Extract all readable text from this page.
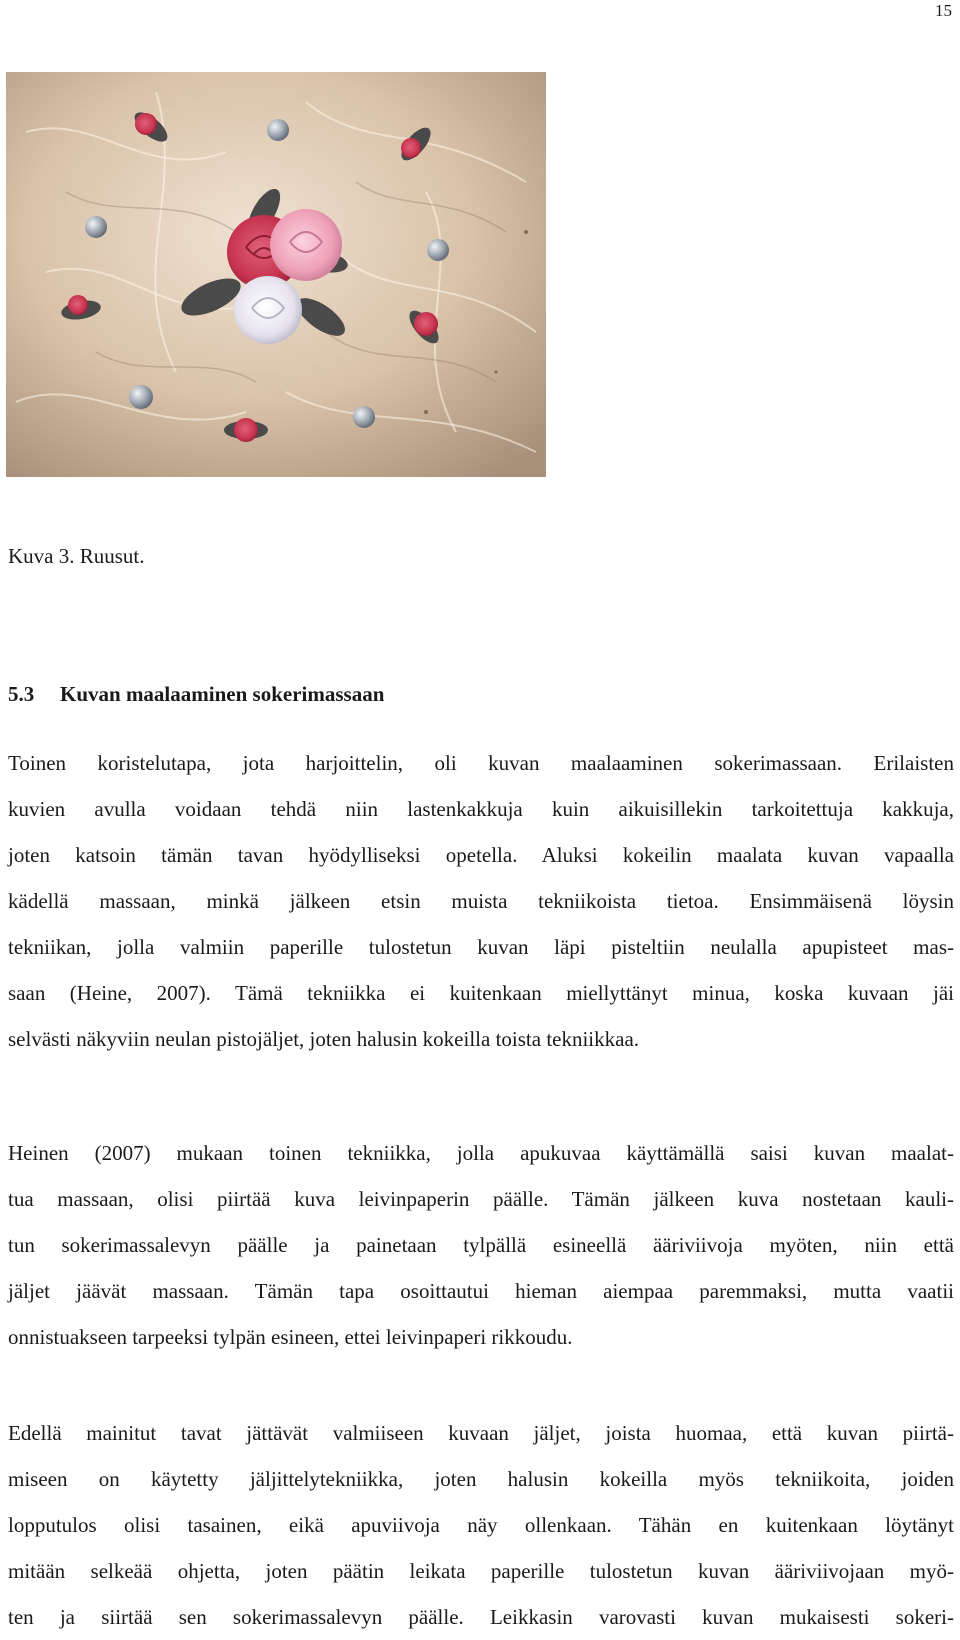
15

Kuva 3. Ruusut.

5.3 Kuvan maalaaminen sokerimassaan

Toinen koristelutapa, jota harjoittelin, oli kuvan maalaaminen sokerimassaan. Erilaisten
kuvien avulla voidaan tehdä niin lastenkakkuja kuin aikuisillekin tarkoitettuja kakkuja,
joten katsoin tämän tavan hyödylliseksi opetella. Aluksi kokeilin maalata kuvan vapaalla
kädellä massaan, minkä jälkeen etsin muista tekniikoista tietoa. Ensimmäisenä löysin
tekniikan, jolla valmiin paperille tulostetun kuvan läpi pisteltiin neulalla apupisteet mas-
saan (Heine, 2007). Tämä tekniikka ei kuitenkaan miellyttänyt minua, koska kuvaan jäi
selvästi näkyviin neulan pistojäljet, joten halusin kokeilla toista tekniikkaa.

Heinen (2007) mukaan toinen tekniikka, jolla apukuvaa käyttämällä saisi kuvan maalat-
tua massaan, olisi piirtää kuva leivinpaperin päälle. Tämän jälkeen kuva nostetaan kauli-
tun sokerimassalevyn päälle ja painetaan tylpällä esineellä ääriviivoja myöten, niin että
jäljet jäävät massaan. Tämän tapa osoittautui hieman aiempaa paremmaksi, mutta vaatii
onnistuakseen tarpeeksi tylpän esineen, ettei leivinpaperi rikkoudu.

Edellä mainitut tavat jättävät valmiiseen kuvaan jäljet, joista huomaa, että kuvan piirtä-
miseen on käytetty jäljittelytekniikka, joten halusin kokeilla myös tekniikoita, joiden
lopputulos olisi tasainen, eikä apuviivoja näy ollenkaan. Tähän en kuitenkaan löytänyt
mitään selkeää ohjetta, joten päätin leikata paperille tulostetun kuvan ääriviivojaan myö-
ten ja siirtää sen sokerimassalevyn päälle. Leikkasin varovasti kuvan mukaisesti sokeri-
